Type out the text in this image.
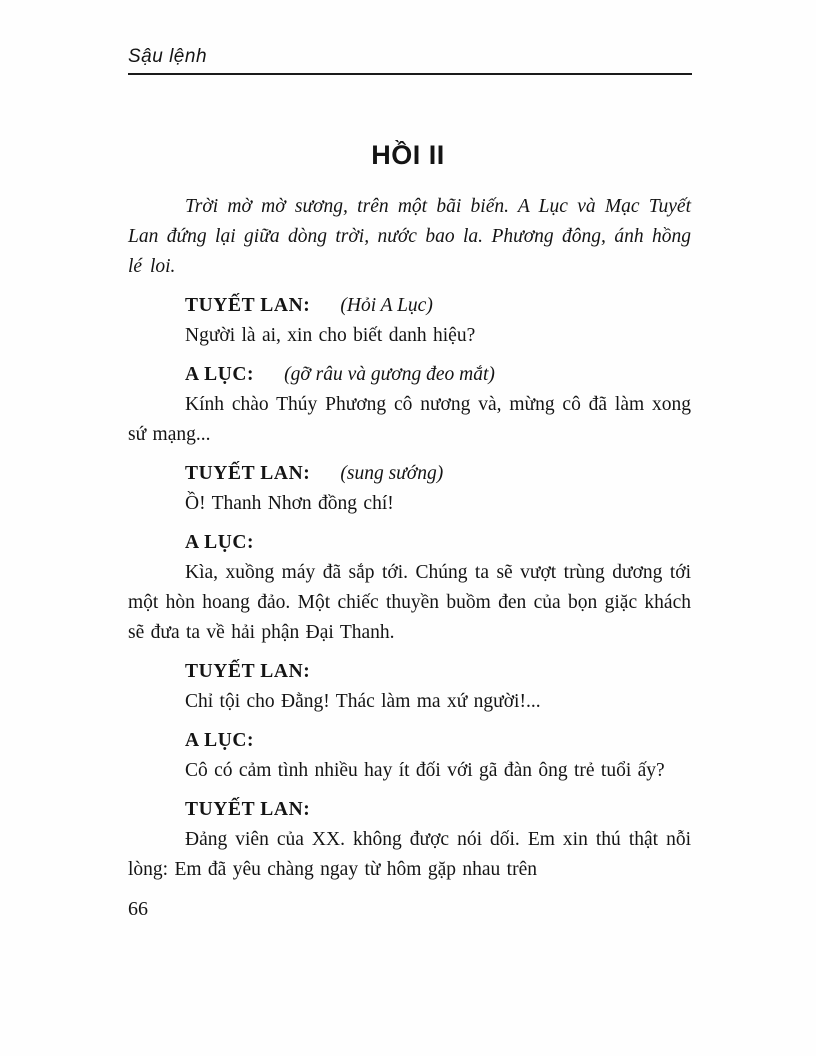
Sậu lệnh
HỒI II

Trời mờ mờ sương, trên một bãi biến. A Lục và Mạc Tuyết Lan đứng lại giữa dòng trời, nước bao la. Phương đông, ánh hồng lé loi.

TUYẾT LAN: (Hỏi A Lục)

Người là ai, xin cho biết danh hiệu?

A LỤC: (gỡ râu và gương đeo mắt)

Kính chào Thúy Phương cô nương và, mừng cô đã làm xong sứ mạng...

TUYẾT LAN: (sung sướng)

Ồ! Thanh Nhơn đồng chí!

A LỤC:

Kìa, xuồng máy đã sắp tới. Chúng ta sẽ vượt trùng dương tới một hòn hoang đảo. Một chiếc thuyền buồm đen của bọn giặc khách sẽ đưa ta về hải phận Đại Thanh.

TUYẾT LAN:

Chỉ tội cho Đằng! Thác làm ma xứ người!...

A LỤC:

Cô có cảm tình nhiều hay ít đối với gã đàn ông trẻ tuổi ấy?

TUYẾT LAN:

Đảng viên của XX. không được nói dối. Em xin thú thật nỗi lòng: Em đã yêu chàng ngay từ hôm gặp nhau trên

66
